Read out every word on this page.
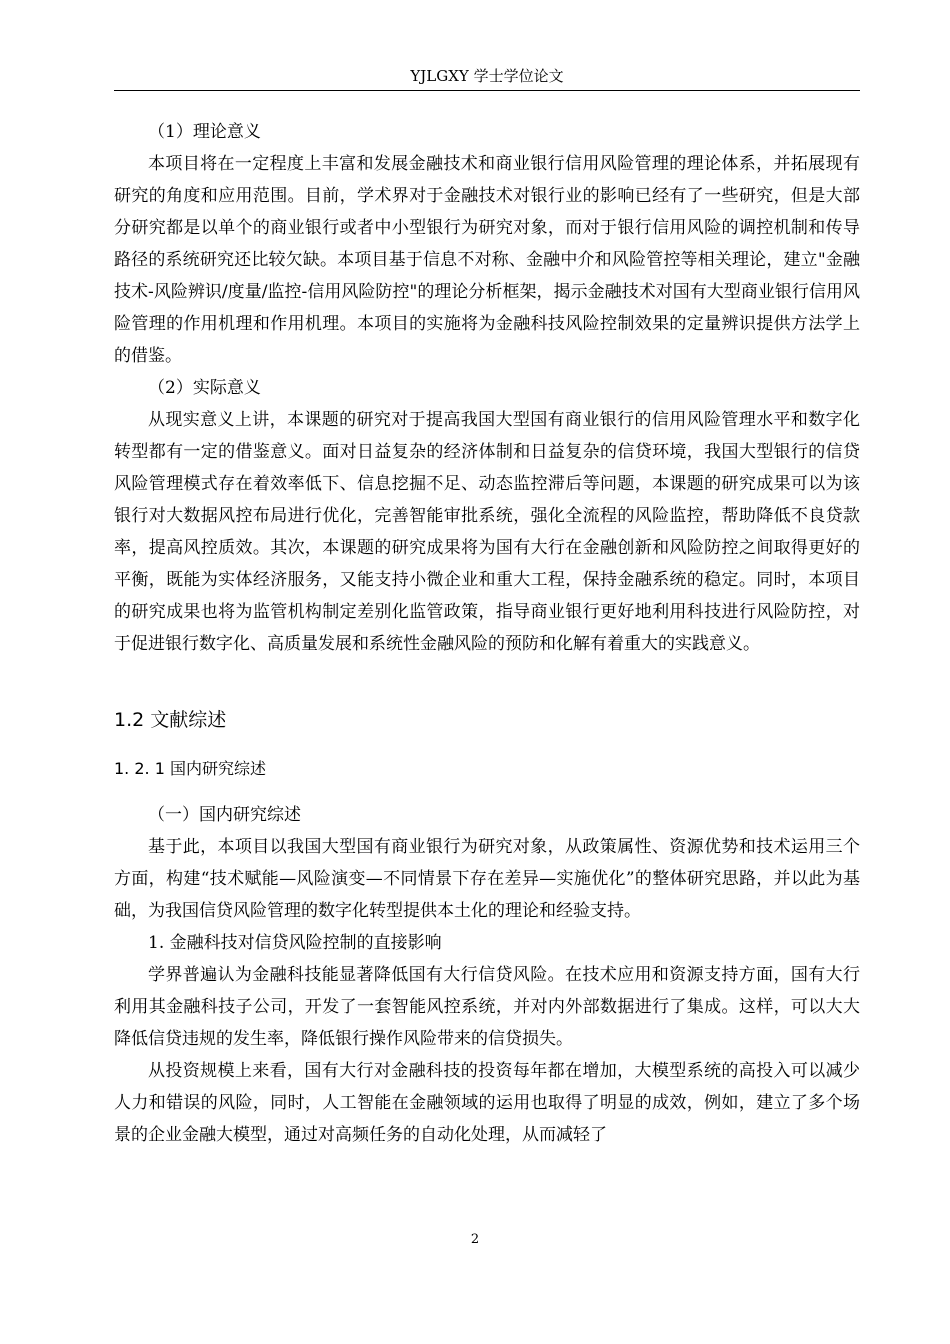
YJLGXY 学士学位论文

（1）理论意义

本项目将在一定程度上丰富和发展金融技术和商业银行信用风险管理的理论体系，并拓展现有研究的角度和应用范围。目前，学术界对于金融技术对银行业的影响已经有了一些研究，但是大部分研究都是以单个的商业银行或者中小型银行为研究对象，而对于银行信用风险的调控机制和传导路径的系统研究还比较欠缺。本项目基于信息不对称、金融中介和风险管控等相关理论，建立"金融技术-风险辨识/度量/监控-信用风险防控"的理论分析框架，揭示金融技术对国有大型商业银行信用风险管理的作用机理和作用机理。本项目的实施将为金融科技风险控制效果的定量辨识提供方法学上的借鉴。

（2）实际意义

从现实意义上讲，本课题的研究对于提高我国大型国有商业银行的信用风险管理水平和数字化转型都有一定的借鉴意义。面对日益复杂的经济体制和日益复杂的信贷环境，我国大型银行的信贷风险管理模式存在着效率低下、信息挖掘不足、动态监控滞后等问题，本课题的研究成果可以为该银行对大数据风控布局进行优化，完善智能审批系统，强化全流程的风险监控，帮助降低不良贷款率，提高风控质效。其次，本课题的研究成果将为国有大行在金融创新和风险防控之间取得更好的平衡，既能为实体经济服务，又能支持小微企业和重大工程，保持金融系统的稳定。同时，本项目的研究成果也将为监管机构制定差别化监管政策，指导商业银行更好地利用科技进行风险防控，对于促进银行数字化、高质量发展和系统性金融风险的预防和化解有着重大的实践意义。

1.2 文献综述
1. 2. 1 国内研究综述

（一）国内研究综述

基于此，本项目以我国大型国有商业银行为研究对象，从政策属性、资源优势和技术运用三个方面，构建“技术赋能—风险演变—不同情景下存在差异—实施优化”的整体研究思路，并以此为基础，为我国信贷风险管理的数字化转型提供本土化的理论和经验支持。

1. 金融科技对信贷风险控制的直接影响

学界普遍认为金融科技能显著降低国有大行信贷风险。在技术应用和资源支持方面，国有大行利用其金融科技子公司，开发了一套智能风控系统，并对内外部数据进行了集成。这样，可以大大降低信贷违规的发生率，降低银行操作风险带来的信贷损失。

从投资规模上来看，国有大行对金融科技的投资每年都在增加，大模型系统的高投入可以减少人力和错误的风险，同时，人工智能在金融领域的运用也取得了明显的成效，例如，建立了多个场景的企业金融大模型，通过对高频任务的自动化处理，从而减轻了

2
